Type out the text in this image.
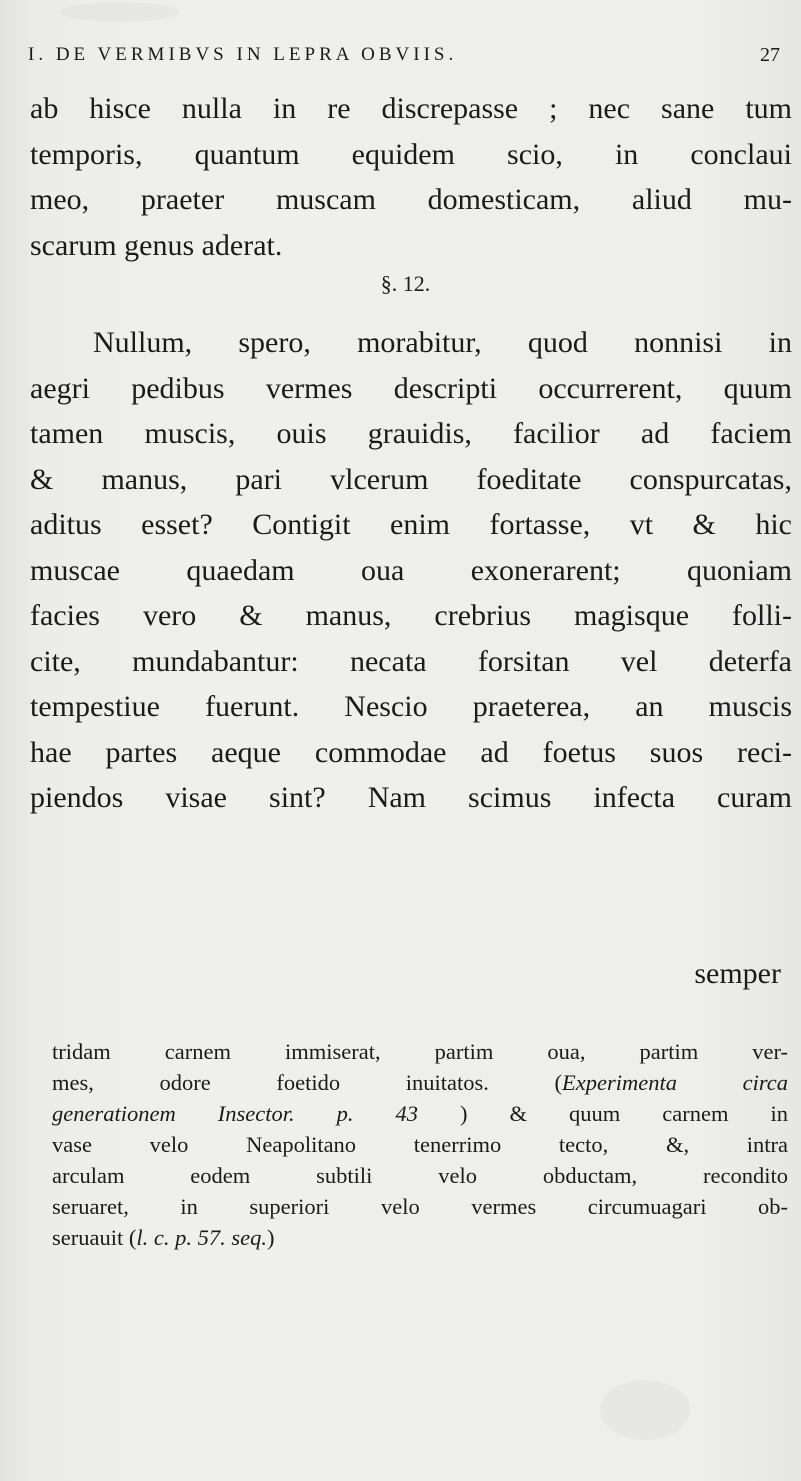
I. DE VERMIBVS IN LEPRA OBVIIS.	27
ab hisce nulla in re discrepasse ; nec sane tum
temporis, quantum equidem scio, in conclaui
meo, praeter muscam domesticam, aliud mu-
scarum genus aderat.
§. 12.
Nullum, spero, morabitur, quod nonnisi in
aegri pedibus vermes descripti occurrerent, quum
tamen muscis, ouis grauidis, facilior ad faciem
& manus, pari vlcerum foeditate conspurcatas,
aditus esset? Contigit enim fortasse, vt & hic
muscae quaedam oua exonerarent; quoniam
facies vero & manus, crebrius magisque folli-
cite, mundabantur: necata forsitan vel deterfa
tempestiue fuerunt. Nescio praeterea, an muscis
hae partes aeque commodae ad foetus suos reci-
piendos visae sint? Nam scimus infecta curam
semper
tridam carnem immiserat, partim oua, partim ver-
mes, odore foetido inuitatos. (Experimenta circa
generationem Insector. p. 43 ) & quum carnem in
vase velo Neapolitano tenerrimo tecto, &, intra
arculam eodem subtili velo obductam, recondito
seruaret, in superiori velo vermes circumuagari ob-
seruauit (l. c. p. 57. seq.)
